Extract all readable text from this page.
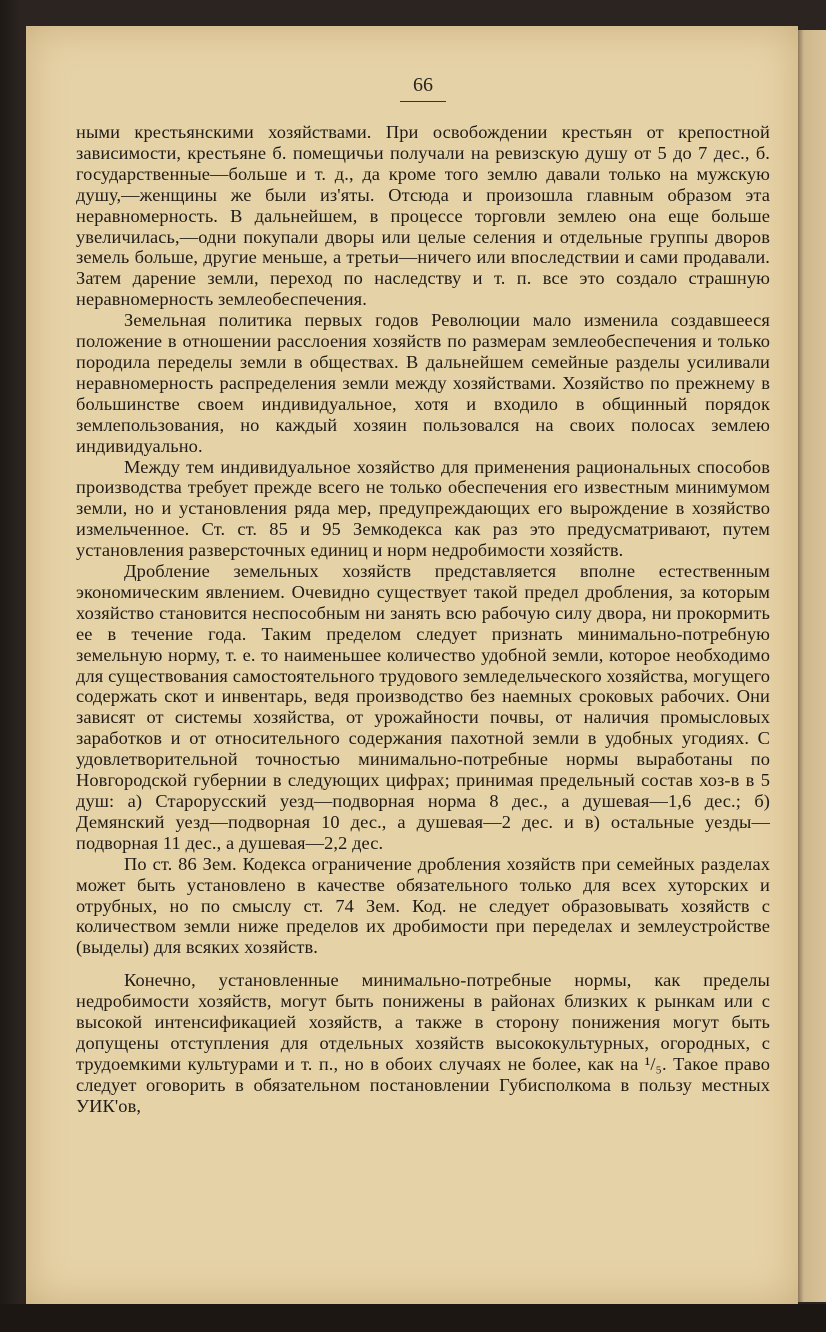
66

ными крестьянскими хозяйствами. При освобождении крестьян от крепостной зависимости, крестьяне б. помещичьи получали на ревизскую душу от 5 до 7 дес., б. государственные—больше и т. д., да кроме того землю давали только на мужскую душу,—женщины же были из'яты. Отсюда и произошла главным образом эта неравномерность. В дальнейшем, в процессе торговли землею она еще больше увеличилась,—одни покупали дворы или целые селения и отдельные группы дворов земель больше, другие меньше, а третьи—ничего или впоследствии и сами продавали. Затем дарение земли, переход по наследству и т. п. все это создало страшную неравномерность землеобеспечения.

Земельная политика первых годов Революции мало изменила создавшееся положение в отношении расслоения хозяйств по размерам землеобеспечения и только породила переделы земли в обществах. В дальнейшем семейные разделы усиливали неравномерность распределения земли между хозяйствами. Хозяйство по прежнему в большинстве своем индивидуальное, хотя и входило в общинный порядок землепользования, но каждый хозяин пользовался на своих полосах землею индивидуально.

Между тем индивидуальное хозяйство для применения рациональных способов производства требует прежде всего не только обеспечения его известным минимумом земли, но и установления ряда мер, предупреждающих его вырождение в хозяйство измельченное. Ст. ст. 85 и 95 Земкодекса как раз это предусматривают, путем установления разверсточных единиц и норм недробимости хозяйств.

Дробление земельных хозяйств представляется вполне естественным экономическим явлением. Очевидно существует такой предел дробления, за которым хозяйство становится неспособным ни занять всю рабочую силу двора, ни прокормить ее в течение года. Таким пределом следует признать минимально-потребную земельную норму, т. е. то наименьшее количество удобной земли, которое необходимо для существования самостоятельного трудового земледельческого хозяйства, могущего содержать скот и инвентарь, ведя производство без наемных сроковых рабочих. Они зависят от системы хозяйства, от урожайности почвы, от наличия промысловых заработков и от относительного содержания пахотной земли в удобных угодиях. С удовлетворительной точностью минимально-потребные нормы выработаны по Новгородской губернии в следующих цифрах; принимая предельный состав хоз-в в 5 душ: а) Старорусский уезд—подворная норма 8 дес., а душевая—1,6 дес.; б) Демянский уезд—подворная 10 дес., а душевая—2 дес. и в) остальные уезды—подворная 11 дес., а душевая—2,2 дес.

По ст. 86 Зем. Кодекса ограничение дробления хозяйств при семейных разделах может быть установлено в качестве обязательного только для всех хуторских и отрубных, но по смыслу ст. 74 Зем. Код. не следует образовывать хозяйств с количеством земли ниже пределов их дробимости при переделах и землеустройстве (выделы) для всяких хозяйств.

Конечно, установленные минимально-потребные нормы, как пределы недробимости хозяйств, могут быть понижены в районах близких к рынкам или с высокой интенсификацией хозяйств, а также в сторону понижения могут быть допущены отступления для отдельных хозяйств высококультурных, огородных, с трудоемкими культурами и т. п., но в обоих случаях не более, как на ¹/₅. Такое право следует оговорить в обязательном постановлении Губисполкома в пользу местных УИК'ов,
